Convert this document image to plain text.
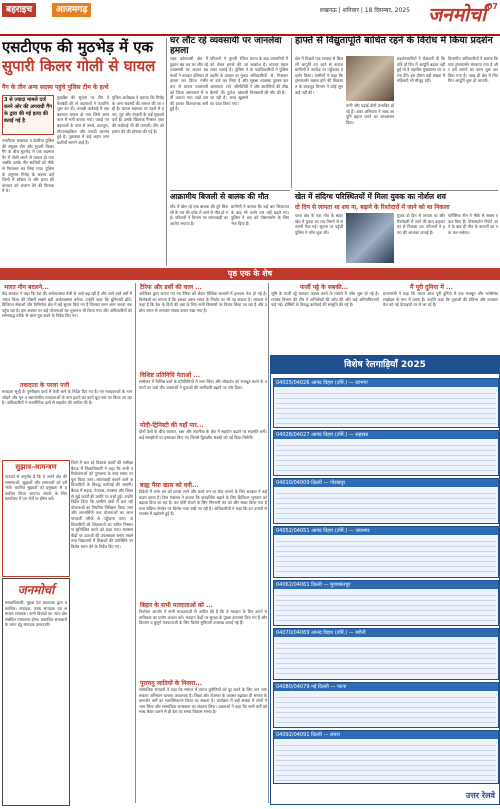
बहराइच	आजमगढ़	लखनऊ | शनिवार | 18 दिसम्बर, 2025 जनमोर्चा 07
एसटीएफ की मुठभेड़ में एक
सुपारी किलर गोली से घायल
गैंग के तीन अन्य सदस्य पहुंचे पुलिस टीम के हत्थे
3 से ज्यादा मामले दर्ज करने ओर की अपराधी गैंग के द्वारा की गई हत्या की बताई गई है
एसटीएफ लखनऊ व देवरिया पुलिस की संयुक्त टीम और सुपारी किलर गैंग के बीच मुठभेड़ में एक बदमाश पैर में गोली लगने से घायल हो गया जबकि उसके तीन साथियों को मौके से गिरफ्तार कर लिया गया। पुलिस के अनुसार गिरोह के सदस्य कई जिलों में सक्रिय थे और हत्या की वारदात को अंजाम देने की फिराक में थे।
मुखबिर की सूचना पर टीम ने घेराबंदी की तो बदमाशों ने फायरिंग शुरू कर दी। जवाबी कार्रवाई में एक बदमाश घायल हो गया जिसे अस्पताल में भर्ती कराया गया। पकड़े गए बदमाशों के पास से तमंचे, कारतूस, मोटरसाइकिल और नकदी बरामद हुई है। पूछताछ में कई अहम जानकारियाँ सामने आई हैं।
पुलिस अधीक्षक ने बताया कि गिरोह के अन्य सदस्यों की तलाश की जा रही है। घायल बदमाश पर पहले से हत्या, लूट और रंगदारी के कई मुकदमे दर्ज हैं। उसके खिलाफ गैंगस्टर एक्ट की कार्रवाई भी की जाएगी। टीम को इनाम देने की घोषणा की गई है।
घर लौट रहे व्यवसायी पर जानलेवा हमला
शहर कोतवाली क्षेत्र में दुकान बंद कर घर लौट रहे व्यवसायी पर अज्ञात बदमाशों ने धारदार हथियार से हमला कर दिया। गंभीर रूप से घायल व्यवसायी को जिला अस्पताल में भर्ती कराया गया जहाँ उसकी हालत चिंताजनक बनी हुई है।
परिजनों ने पुरानी रंजिश को लेकर हमले की आशंका जताई है। पुलिस ने तहरीर के आधार पर मुकदमा दर्ज कर लिया है और आसपास लगे सीसीटीवी कैमरों की फुटेज खंगाली जा रही है। जल्द खुलासे का दावा किया गया।
घटना के बाद व्यापारियों में आक्रोश है। व्यापार मंडल के पदाधिकारियों ने पुलिस अधिकारियों से मिलकर सुरक्षा व्यवस्था दुरुस्त करने और आरोपियों की शीघ्र गिरफ्तारी की माँग की है।
हाफ्ते से विद्युतापूर्ति बाधित रहने के विरोध में किया प्रदर्शन
क्षेत्र में पिछले एक सप्ताह से बिजली आपूर्ति ठप रहने से नाराज ग्रामीणों ने उपकेंद्र पर पहुँचकर प्रदर्शन किया। ग्रामीणों ने कहा कि ट्रांसफार्मर खराब होने की शिकायत के बावजूद विभाग ने कोई सुनवाई नहीं की।
पानी और पढ़ाई दोनों प्रभावित हो रहे हैं। अवर अभियंता ने जल्द आपूर्ति बहाल करने का आश्वासन दिया।
प्रदर्शनकारियों ने चेतावनी दी कि यदि दो दिन में आपूर्ति बहाल नहीं हुई तो वे तहसील मुख्यालय पर धरना देंगे। इस दौरान बड़ी संख्या में महिलाएँ भी मौजूद रहीं।
विभागीय अधिकारियों ने बताया कि नया ट्रांसफार्मर मंगवाया गया है और उसे लगाने का काम शुरू कर दिया गया है। जल्द ही क्षेत्र में नियमित आपूर्ति शुरू हो जाएगी।
आक्रामीय बिजली से बालक की मौत
गाँव में खेल रहे एक बालक की टूटे बिजली के तार की चपेट में आने से मौत हो गई। परिजनों ने विभाग पर लापरवाही का आरोप लगाया है।
ग्रामीणों ने बताया कि कई बार शिकायत के बाद भी जर्जर तार नहीं बदले गए। पुलिस ने शव को पोस्टमार्टम के लिए भेज दिया है।
खेत में संदिग्ध परिस्थितयों में मिला युवक का नोर्शल शव
दो दिन से लापता था शव ना, बढ़ाने के रिश्तेदारों में जाने को था निकला
थाना क्षेत्र के एक गाँव के बाहर खेत में युवक का शव मिलने से सनसनी फैल गई। सूचना पर पहुँची पुलिस ने जाँच शुरू की।
युवक दो दिन से लापता था और रिश्तेदारी में जाने की बात कहकर घर से निकला था। परिजनों ने हत्या की आशंका जताई है।
फॉरेंसिक टीम ने मौके से साक्ष्य एकत्र किए हैं। पोस्टमार्टम रिपोर्ट आने के बाद ही मौत के कारणों का पता चल सकेगा।
पृष्ठ एक के शेष
भारत नीन बदलने...
केंद्र सरकार ने कहा कि देश की अर्थव्यवस्था तेजी से आगे बढ़ रही है और आने वाले वर्षों में भारत विश्व की तीसरी सबसे बड़ी अर्थव्यवस्था बनेगा। उन्होंने कहा कि बुनियादी ढाँचे, डिजिटल सेवाओं और विनिर्माण क्षेत्र में बड़े सुधार किए गए हैं जिनका लाभ आम जनता तक पहुँच रहा है। इस अवसर पर कई योजनाओं का शुभारंभ भी किया गया और अधिकारियों को समयबद्ध तरीके से काम पूरा करने के निर्देश दिए गए।
तकदाता के परला पत्ती
मतदाता सूची के पुनरीक्षण कार्य में तेजी लाने के निर्देश दिए गए हैं। नए मतदाताओं के नाम जोड़ने और मृत व स्थानांतरित मतदाताओं के नाम हटाने का कार्य बूथ स्तर पर किया जा रहा है। अधिकारियों ने राजनीतिक दलों से सहयोग की अपील की है।
सुझाव-आमन्त्रण
पाठकों से अनुरोध है कि वे अपने क्षेत्र की समस्याओं, सुझावों और समाचारों को हमें भेजें। चयनित सुझावों को प्रमुखता से प्रकाशित किया जाएगा। संपर्क के लिए कार्यालय में पत्र भेजें या ईमेल करें।
जिले में चल रहे विकास कार्यों की समीक्षा बैठक में जिलाधिकारी ने कहा कि सभी परियोजनाओं को गुणवत्ता के साथ समय पर पूरा किया जाए। लापरवाही बरतने वाले अधिकारियों के विरुद्ध कार्रवाई की जाएगी। बैठक में सड़क, पेयजल, स्वास्थ्य और शिक्षा से जुड़े कार्यों की प्रगति पर चर्चा हुई। उन्होंने निर्देश दिया कि ग्रामीण क्षेत्रों में चल रही योजनाओं का नियमित निरीक्षण किया जाए और लाभार्थियों तक योजनाओं का लाभ पारदर्शी तरीके से पहुँचाया जाए। अधिकारियों को शिकायतों का त्वरित निस्तारण सुनिश्चित करने को कहा गया। स्वास्थ्य केंद्रों पर दवाओं की उपलब्धता बनाए रखने तथा विद्यालयों में शिक्षकों की उपस्थिति पर विशेष ध्यान देने के निर्देश दिए गए।
जनमोर्चा
स्वत्वाधिकारी, मुद्रक एवं प्रकाशक द्वारा प्रकाशित। संपादक, प्रबंध संपादक एवं समाचार संपादक। सभी विवादों का न्याय क्षेत्र संबंधित न्यायालय होगा। प्रकाशित समाचारों के चयन हेतु संपादक उत्तरदायी।
टैरिफ और डर्सी की चाल ...
अमेरिका द्वारा लगाए गए नए टैरिफ को लेकर वैश्विक बाजारों में हलचल तेज हो गई है। विशेषज्ञों का मानना है कि इसका असर भारत के निर्यात पर भी पड़ सकता है। सरकार ने कहा है कि देश के हितों की रक्षा के लिए सभी विकल्पों पर विचार किया जा रहा है और उद्योग जगत से लगातार संवाद बनाए रखा गया है।
विशिष्ट प्रतिनिधि नेताओं ...
सम्मेलन में विभिन्न दलों के प्रतिनिधियों ने भाग लिया और लोकतंत्र को मजबूत करने के उपायों पर चर्चा की। वक्ताओं ने युवाओं की भागीदारी बढ़ाने पर जोर दिया।
मोदी-ट्रिनिस्टी की यहाँ पार...
दोनों देशों के बीच व्यापार, रक्षा और तकनीक के क्षेत्र में सहयोग बढ़ाने पर सहमति बनी। कई समझौतों पर हस्ताक्षर किए गए जिनसे द्विपक्षीय संबंधों को नई दिशा मिलेगी।
बाह्य पैसा खास को वनी...
विदेशों में जमा धन को वापस लाने और काले धन पर रोक लगाने के लिए सरकार ने कई कदम उठाए हैं। वित्त मंत्रालय ने बताया कि पारदर्शिता बढ़ाने के लिए डिजिटल भुगतान को बढ़ावा दिया जा रहा है। कर चोरी रोकने के लिए निगरानी तंत्र को और सख्त किया गया है तथा संदिग्ध लेनदेन पर विशेष नजर रखी जा रही है। अधिकारियों ने कहा कि इन उपायों से राजस्व में बढ़ोतरी हुई है।
बिहार के सभी मतदाताओं को ...
निर्वाचन आयोग ने सभी मतदाताओं से अपील की है कि वे मतदान के दिन अपने मताधिकार का प्रयोग अवश्य करें। मतदान केंद्रों पर सुरक्षा के पुख्ता इंतजाम किए गए हैं और दिव्यांग व बुजुर्ग मतदाताओं के लिए विशेष सुविधाएँ उपलब्ध कराई गई हैं।
पुराचनु जातियों के निवारा...
सामाजिक संगठनों ने कहा कि समाज में व्याप्त कुरीतियों को दूर करने के लिए जन जागरूकता अभियान चलाना आवश्यक है। शिक्षा और रोजगार के अवसर बढ़ाकर ही समाज के कमजोर वर्गों का सशक्तिकरण किया जा सकता है। कार्यक्रम में बड़ी संख्या में लोगों ने भाग लिया और सामाजिक समरसता का संकल्प लिया। वक्ताओं ने कहा कि सभी वर्गों को साथ लेकर चलने से ही देश का समग्र विकास संभव है।
फर्जी पट्टे के सबकी...
भूमि के फर्जी पट्टे बनाकर कब्जा करने के मामले में जाँच शुरू हो गई है। राजस्व विभाग की टीम ने अभिलेखों की जाँच की और कई अनियमितताएँ पाई गईं। दोषियों के विरुद्ध कार्रवाई की संस्तुति की गई है।
मैं पूरी दुनिया में ...
प्रधानमंत्री ने कहा कि भारत आज पूरी दुनिया में एक मजबूत और भरोसेमंद साझेदार के रूप में उभरा है। उन्होंने कहा कि युवाओं की प्रतिभा और नवाचार देश को नई ऊँचाइयों पर ले जा रहे हैं।
विशेष रेलगाड़ियाँ 2025
04025/04026 आनंद विहार (टर्मि.) — दरभंगा
04028/04027 आनंद विहार (टर्मि.) — सहरसा
04010/04009 दिल्ली — गोरखपुर
04052/04051 आनंद विहार (टर्मि.) — जयनगर
04062/04061 दिल्ली — मुजफ्फरपुर
04070/04069 आनंद विहार (टर्मि.) — बरौनी
04080/04079 नई दिल्ली — पटना
04092/04091 दिल्ली — छपरा
उत्तर रेलवे
